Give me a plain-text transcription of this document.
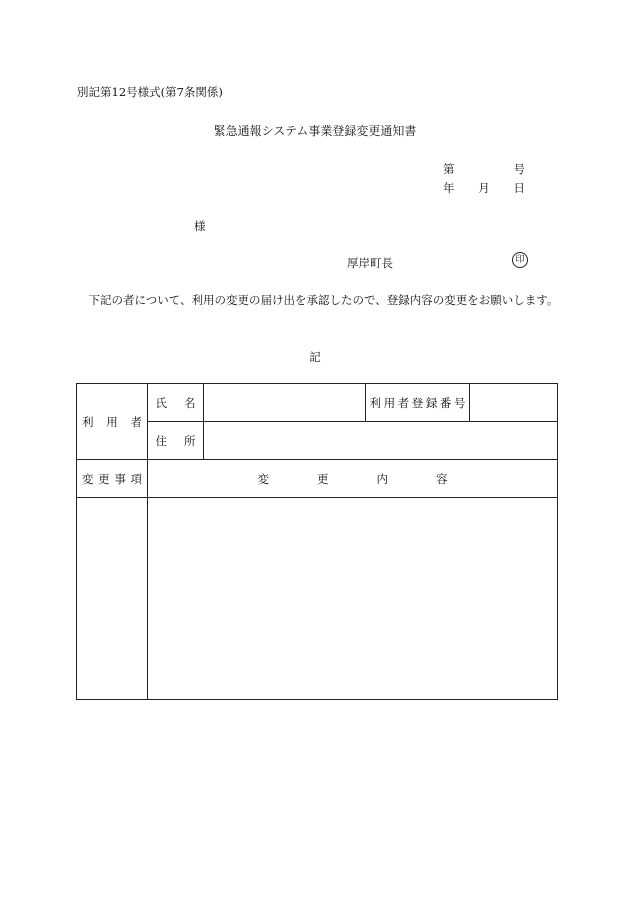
別記第12号様式(第7条関係)
緊急通報システム事業登録変更通知書
第	号
年 月 日
様
厚岸町長	印
下記の者について、利用の変更の届け出を承認したので、登録内容の変更をお願いします。
記
利用者	氏名		利用者登録番号	
	住所			
変更事項	変更内容			
